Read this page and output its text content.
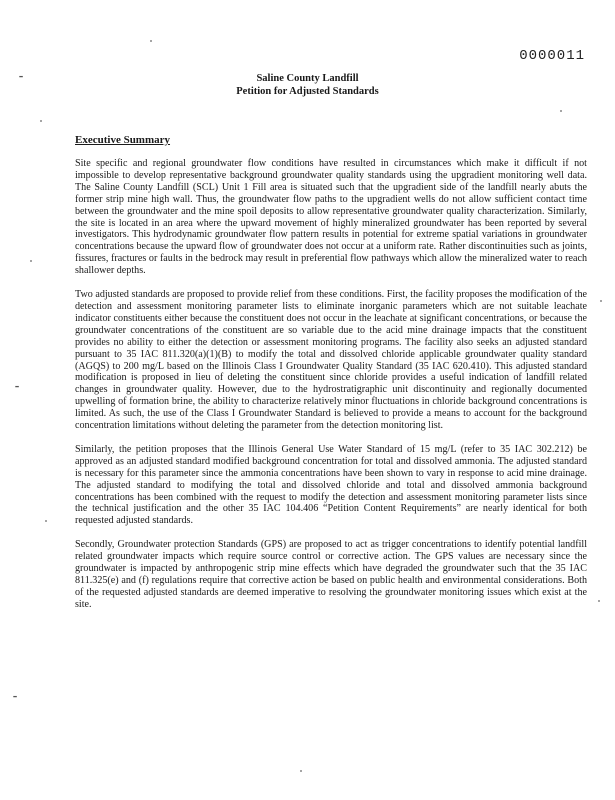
⁃
⁃
⁃
0000011
Saline County Landfill
Petition for Adjusted Standards
Executive Summary

Site specific and regional groundwater flow conditions have resulted in circumstances which make it difficult if not impossible to develop representative background groundwater quality standards using the upgradient monitoring well data. The Saline County Landfill (SCL) Unit 1 Fill area is situated such that the upgradient side of the landfill nearly abuts the former strip mine high wall. Thus, the groundwater flow paths to the upgradient wells do not allow sufficient contact time between the groundwater and the mine spoil deposits to allow representative groundwater quality characterization. Similarly, the site is located in an area where the upward movement of highly mineralized groundwater has been reported by several investigators. This hydrodynamic groundwater flow pattern results in potential for extreme spatial variations in groundwater concentrations because the upward flow of groundwater does not occur at a uniform rate. Rather discontinuities such as joints, fissures, fractures or faults in the bedrock may result in preferential flow pathways which allow the mineralized water to reach shallower depths.

Two adjusted standards are proposed to provide relief from these conditions. First, the facility proposes the modification of the detection and assessment monitoring parameter lists to eliminate inorganic parameters which are not suitable leachate indicator constituents either because the constituent does not occur in the leachate at significant concentrations, or because the groundwater concentrations of the constituent are so variable due to the acid mine drainage impacts that the constituent provides no ability to either the detection or assessment monitoring programs. The facility also seeks an adjusted standard pursuant to 35 IAC 811.320(a)(1)(B) to modify the total and dissolved chloride applicable groundwater quality standard (AGQS) to 200 mg/L based on the Illinois Class I Groundwater Quality Standard (35 IAC 620.410). This adjusted standard modification is proposed in lieu of deleting the constituent since chloride provides a useful indication of landfill related changes in groundwater quality. However, due to the hydrostratigraphic unit discontinuity and regionally documented upwelling of formation brine, the ability to characterize relatively minor fluctuations in chloride background concentrations is limited. As such, the use of the Class I Groundwater Standard is believed to provide a means to account for the background concentration limitations without deleting the parameter from the detection monitoring list.

Similarly, the petition proposes that the Illinois General Use Water Standard of 15 mg/L (refer to 35 IAC 302.212) be approved as an adjusted standard modified background concentration for total and dissolved ammonia. The adjusted standard is necessary for this parameter since the ammonia concentrations have been shown to vary in response to acid mine drainage. The adjusted standard to modifying the total and dissolved chloride and total and dissolved ammonia background concentrations has been combined with the request to modify the detection and assessment monitoring parameter lists since the technical justification and the other 35 IAC 104.406 “Petition Content Requirements” are nearly identical for both requested adjusted standards.

Secondly, Groundwater protection Standards (GPS) are proposed to act as trigger concentrations to identify potential landfill related groundwater impacts which require source control or corrective action. The GPS values are necessary since the groundwater is impacted by anthropogenic strip mine effects which have degraded the groundwater such that the 35 IAC 811.325(e) and (f) regulations require that corrective action be based on public health and environmental considerations. Both of the requested adjusted standards are deemed imperative to resolving the groundwater monitoring issues which exist at the site.
